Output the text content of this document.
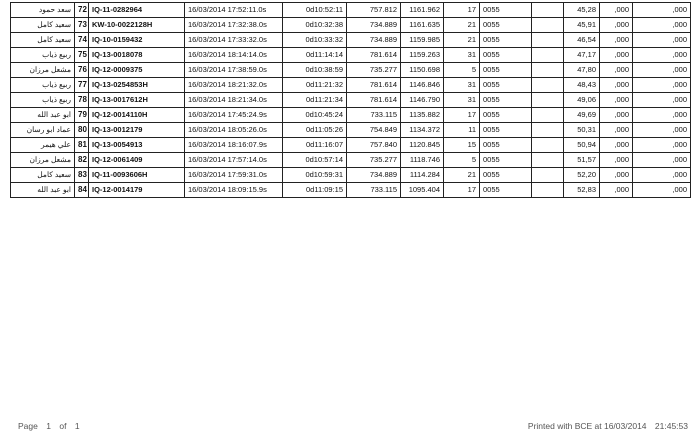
سعد حمود	72	IQ-11-0282964	16/03/2014 17:52:11.0s	0d10:52:11	757.812	1161.962	17	0055		45,28	,000	,000
سعيد كامل	73	KW-10-0022128H	16/03/2014 17:32:38.0s	0d10:32:38	734.889	1161.635	21	0055		45,91	,000	,000
سعيد كامل	74	IQ-10-0159432	16/03/2014 17:33:32.0s	0d10:33:32	734.889	1159.985	21	0055		46,54	,000	,000
ربيع ذياب	75	IQ-13-0018078	16/03/2014 18:14:14.0s	0d11:14:14	781.614	1159.263	31	0055		47,17	,000	,000
مشعل مرزان	76	IQ-12-0009375	16/03/2014 17:38:59.0s	0d10:38:59	735.277	1150.698	5	0055		47,80	,000	,000
ربيع ذياب	77	IQ-13-0254853H	16/03/2014 18:21:32.0s	0d11:21:32	781.614	1146.846	31	0055		48,43	,000	,000
ربيع ذياب	78	IQ-13-0017612H	16/03/2014 18:21:34.0s	0d11:21:34	781.614	1146.790	31	0055		49,06	,000	,000
ابو عبد الله	79	IQ-12-0014110H	16/03/2014 17:45:24.9s	0d10:45:24	733.115	1135.882	17	0055		49,69	,000	,000
عماد ابو رسان	80	IQ-13-0012179	16/03/2014 18:05:26.0s	0d11:05:26	754.849	1134.372	11	0055		50,31	,000	,000
علي هيمر	81	IQ-13-0054913	16/03/2014 18:16:07.9s	0d11:16:07	757.840	1120.845	15	0055		50,94	,000	,000
مشعل مرزان	82	IQ-12-0061409	16/03/2014 17:57:14.0s	0d10:57:14	735.277	1118.746	5	0055		51,57	,000	,000
سعيد كامل	83	IQ-11-0093606H	16/03/2014 17:59:31.0s	0d10:59:31	734.889	1114.284	21	0055		52,20	,000	,000
ابو عبد الله	84	IQ-12-0014179	16/03/2014 18:09:15.9s	0d11:09:15	733.115	1095.404	17	0055		52,83	,000	,000
Page 1 of 1	Printed with BCE at 16/03/2014 21:45:53
